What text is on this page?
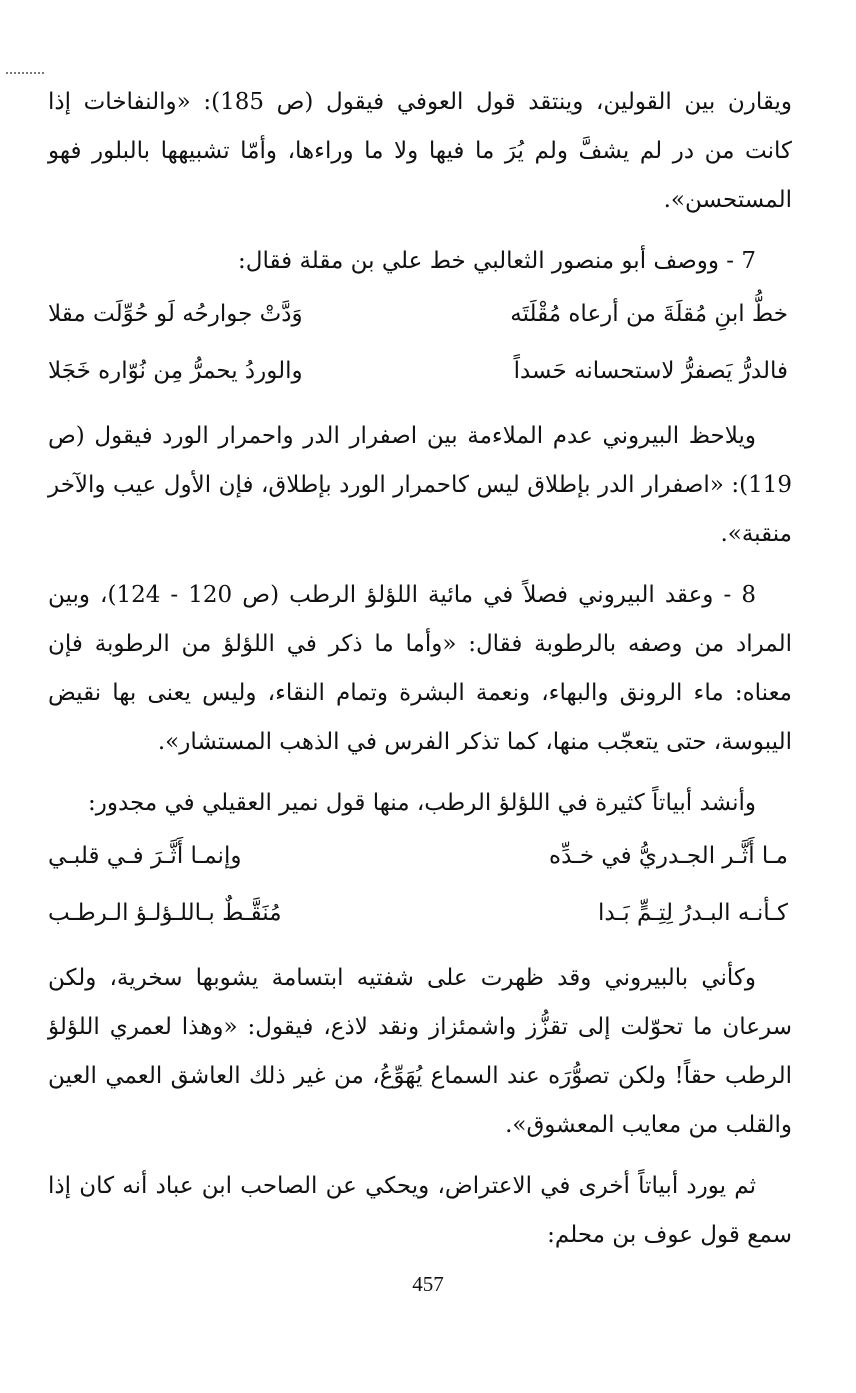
ويقارن بين القولين، وينتقد قول العوفي فيقول (ص 185): «والنفاخات إذا كانت من در لم يشفَّ ولم يُرَ ما فيها ولا ما وراءها، وأمّا تشبيهها بالبلور فهو المستحسن».

7 - ووصف أبو منصور الثعالبي خط علي بن مقلة فقال:

خطُّ ابنِ مُقلَةَ من أرعاه مُقْلَتَه
وَدَّتْ جوارحُه لَو حُوِّلَت مقلا
فالدرُّ يَصفرُّ لاستحسانه حَسداً
والوردُ يحمرُّ مِن نُوّاره خَجَلا

ويلاحظ البيروني عدم الملاءمة بين اصفرار الدر واحمرار الورد فيقول (ص 119): «اصفرار الدر بإطلاق ليس كاحمرار الورد بإطلاق، فإن الأول عيب والآخر منقبة».

8 - وعقد البيروني فصلاً في مائية اللؤلؤ الرطب (ص 120 - 124)، وبين المراد من وصفه بالرطوبة فقال: «وأما ما ذكر في اللؤلؤ من الرطوبة فإن معناه: ماء الرونق والبهاء، ونعمة البشرة وتمام النقاء، وليس يعنى بها نقيض اليبوسة، حتى يتعجّب منها، كما تذكر الفرس في الذهب المستشار».

وأنشد أبياتاً كثيرة في اللؤلؤ الرطب، منها قول نمير العقيلي في مجدور:

مـا أَثَّـر الجـدريُّ في خـدِّه
وإنمـا أَثَّـرَ فـي قلبـي
كـأنـه البـدرُ لِتِـمٍّ بَـدا
مُنَقَّـطٌ بـاللـؤلـؤ الـرطـب

وكأني بالبيروني وقد ظهرت على شفتيه ابتسامة يشوبها سخرية، ولكن سرعان ما تحوّلت إلى تقزُّز واشمئزاز ونقد لاذع، فيقول: «وهذا لعمري اللؤلؤ الرطب حقاً! ولكن تصوُّرَه عند السماع يُهَوِّعُ، من غير ذلك العاشق العمي العين والقلب من معايب المعشوق».

ثم يورد أبياتاً أخرى في الاعتراض، ويحكي عن الصاحب ابن عباد أنه كان إذا سمع قول عوف بن محلم:

457
